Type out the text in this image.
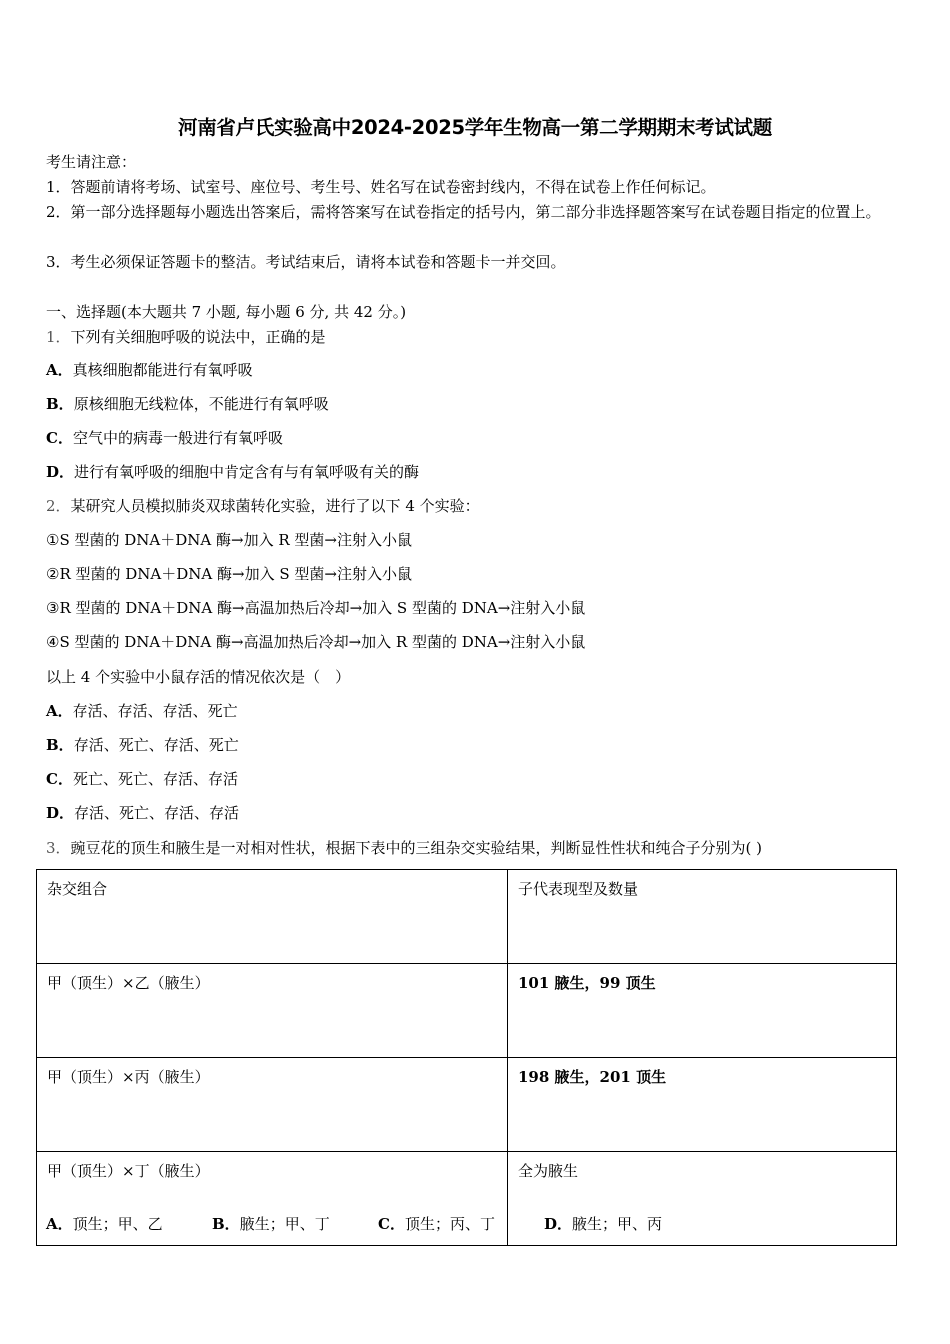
河南省卢氏实验高中2024-2025学年生物高一第二学期期末考试试题
考生请注意：
1．答题前请将考场、试室号、座位号、考生号、姓名写在试卷密封线内，不得在试卷上作任何标记。
2．第一部分选择题每小题选出答案后，需将答案写在试卷指定的括号内，第二部分非选择题答案写在试卷题目指定的位置上。
3．考生必须保证答题卡的整洁。考试结束后，请将本试卷和答题卡一并交回。
一、选择题(本大题共 7 小题, 每小题 6 分, 共 42 分。)
1．下列有关细胞呼吸的说法中，正确的是
A．真核细胞都能进行有氧呼吸
B．原核细胞无线粒体，不能进行有氧呼吸
C．空气中的病毒一般进行有氧呼吸
D．进行有氧呼吸的细胞中肯定含有与有氧呼吸有关的酶
2．某研究人员模拟肺炎双球菌转化实验，进行了以下 4 个实验：
①S 型菌的 DNA＋DNA 酶→加入 R 型菌→注射入小鼠
②R 型菌的 DNA＋DNA 酶→加入 S 型菌→注射入小鼠
③R 型菌的 DNA＋DNA 酶→高温加热后冷却→加入 S 型菌的 DNA→注射入小鼠
④S 型菌的 DNA＋DNA 酶→高温加热后冷却→加入 R 型菌的 DNA→注射入小鼠
以上 4 个实验中小鼠存活的情况依次是（　）
A．存活、存活、存活、死亡
B．存活、死亡、存活、死亡
C．死亡、死亡、存活、存活
D．存活、死亡、存活、存活
3．豌豆花的顶生和腋生是一对相对性状，根据下表中的三组杂交实验结果，判断显性性状和纯合子分别为( )
杂交组合	子代表现型及数量
甲（顶生）×乙（腋生）	101 腋生，99 顶生
甲（顶生）×丙（腋生）	198 腋生，201 顶生
甲（顶生）×丁（腋生）	全为腋生
A．顶生；甲、乙	B．腋生；甲、丁	C．顶生；丙、丁	D．腋生；甲、丙
